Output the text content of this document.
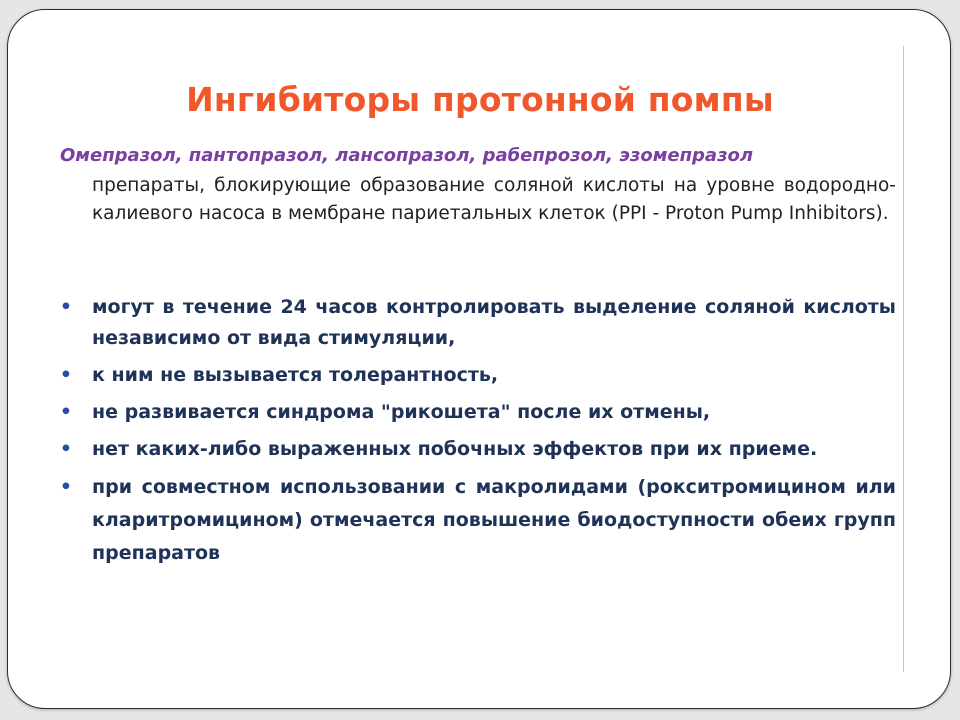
Ингибиторы протонной помпы
Омепразол, пантопразол, лансопразол, рабепрозол, эзомепразол
препараты, блокирующие образование соляной кислоты на уровне водородно-калиевого насоса в мембране париетальных клеток (PPI - Proton Pump Inhibitors).
• могут в течение 24 часов контролировать выделение соляной кислоты независимо от вида стимуляции,
• к ним не вызывается толерантность,
• не развивается синдрома "рикошета" после их отмены,
• нет каких-либо выраженных побочных эффектов при их приеме.
• при совместном использовании с макролидами (рокситромицином или кларитромицином) отмечается повышение биодоступности обеих групп препаратов
